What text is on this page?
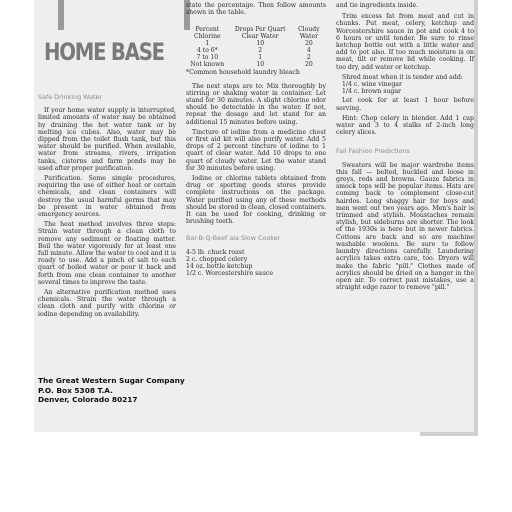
HOME BASE
Safe Drinking Water

If your home water supply is interrupted, limited amounts of water may be obtained by draining the hot water tank or by melting ice cubes. Also, water may be dipped from the toilet flush tank, but this water should be purified. When available, water from streams, rivers, irrigation tanks, cisterns and farm ponds may be used after proper purification.

Purification. Some simple procedures, requiring the use of either heat or certain chemicals, and clean containers will destroy the usual harmful germs that may be present in water obtained from emergency sources.

The heat method involves three steps: Strain water through a clean cloth to remove any sediment or floating matter. Boil the water vigorously for at least one full minute. Allow the water to cool and it is ready to use. Add a pinch of salt to each quart of boiled water or pour it back and forth from one clean container to another several times to improve the taste.

An alternative purification method uses chemicals. Strain the water through a clean cloth and purify with chlorine or iodine depending on availability.

state the percentage. Then follow amounts shown in the table.

Percent Chlorine	Drops Per Quart Clear Water	Cloudy Water
1	10	20
4 to 6*	2	4
7 to 10	1	2
Not known	10	20

*Common household laundry bleach

The next steps are to: Mix thoroughly by stirring or shaking water in container. Let stand for 30 minutes. A slight chlorine odor should be detectable in the water. If not, repeat the dosage and let stand for an additional 15 minutes before using.

Tincture of iodine from a medicine chest or first aid kit will also purify water. Add 5 drops of 2 percent tincture of iodine to 1 quart of clear water. Add 10 drops to one quart of cloudy water. Let the water stand for 30 minutes before using.

Iodine or chlorine tablets obtained from drug or sporting goods stores provide complete instructions on the package. Water purified using any of these methods should be stored in clean, closed containers. It can be used for cooking, drinking or brushing teeth.

Bar-B-Q-Beef ala Slow Cooker

4-5 lb. chuck roast

2 c. chopped celery

14 oz. bottle ketchup

1/2 c. Worcestershire sauce

and tie ingredients inside.

Trim excess fat from meat and cut in chunks. Put meat, celery, ketchup and Worcestershire sauce in pot and cook 4 to 6 hours or until tender. Be sure to rinse ketchup bottle out with a little water and add to pot also. If too much moisture is on meat, tilt or remove lid while cooking. If too dry, add water or ketchup.

Shred meat when it is tender and add:

1/4 c. wine vinegar

1/4 c. brown sugar

Let cook for at least 1 hour before serving.

Hint: Chop celery in blender. Add 1 cup water and 3 to 4 stalks of 2-inch long celery slices.

Fall Fashion Predictions

Sweaters will be major wardrobe items this fall — belted, buckled and loose in greys, reds and browns. Gauze fabrics in smock tops will be popular items. Hats are coming back to complement close-cut hairdos. Long shaggy hair for boys and men went out two years ago. Men's hair is trimmed and stylish. Moustaches remain stylish, but sideburns are shorter. The look of the 1930s is here but in newer fabrics. Cottons are back and so are machine washable woolens. Be sure to follow laundry directions carefully. Laundering acrylics takes extra care, too. Dryers will make the fabric "pill." Clothes made of acrylics should be dried on a hanger in the open air. To correct past mistakes, use a straight edge razor to remove "pill."

The Great Western Sugar Company
P.O. Box 5308 T.A.
Denver, Colorado 80217
